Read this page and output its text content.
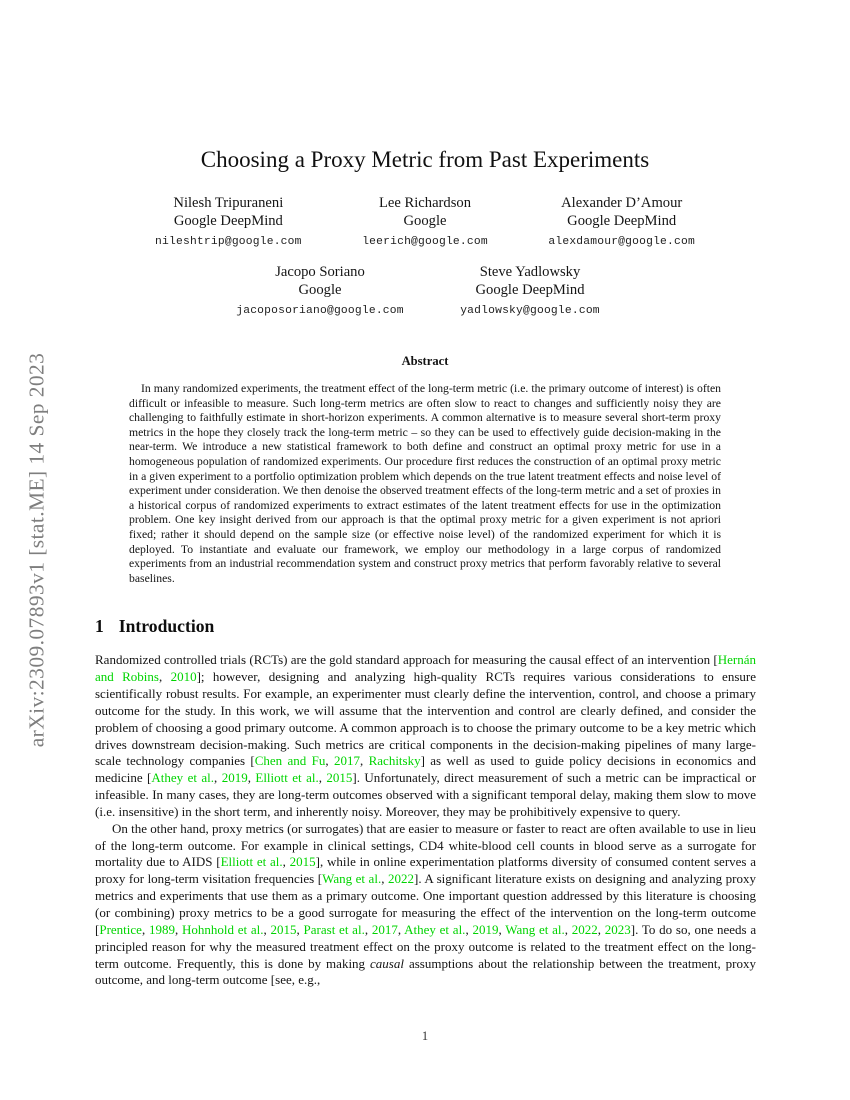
arXiv:2309.07893v1 [stat.ME] 14 Sep 2023
Choosing a Proxy Metric from Past Experiments
Nilesh Tripuraneni
Google DeepMind
nileshtrip@google.com
Lee Richardson
Google
leerich@google.com
Alexander D’Amour
Google DeepMind
alexdamour@google.com
Jacopo Soriano
Google
jacoposoriano@google.com
Steve Yadlowsky
Google DeepMind
yadlowsky@google.com
Abstract

In many randomized experiments, the treatment effect of the long-term metric (i.e. the primary outcome of interest) is often difficult or infeasible to measure. Such long-term metrics are often slow to react to changes and sufficiently noisy they are challenging to faithfully estimate in short-horizon experiments. A common alternative is to measure several short-term proxy metrics in the hope they closely track the long-term metric – so they can be used to effectively guide decision-making in the near-term. We introduce a new statistical framework to both define and construct an optimal proxy metric for use in a homogeneous population of randomized experiments. Our procedure first reduces the construction of an optimal proxy metric in a given experiment to a portfolio optimization problem which depends on the true latent treatment effects and noise level of experiment under consideration. We then denoise the observed treatment effects of the long-term metric and a set of proxies in a historical corpus of randomized experiments to extract estimates of the latent treatment effects for use in the optimization problem. One key insight derived from our approach is that the optimal proxy metric for a given experiment is not apriori fixed; rather it should depend on the sample size (or effective noise level) of the randomized experiment for which it is deployed. To instantiate and evaluate our framework, we employ our methodology in a large corpus of randomized experiments from an industrial recommendation system and construct proxy metrics that perform favorably relative to several baselines.

1 Introduction

Randomized controlled trials (RCTs) are the gold standard approach for measuring the causal effect of an intervention [Hernán and Robins, 2010]; however, designing and analyzing high-quality RCTs requires various considerations to ensure scientifically robust results. For example, an experimenter must clearly define the intervention, control, and choose a primary outcome for the study. In this work, we will assume that the intervention and control are clearly defined, and consider the problem of choosing a good primary outcome. A common approach is to choose the primary outcome to be a key metric which drives downstream decision-making. Such metrics are critical components in the decision-making pipelines of many large-scale technology companies [Chen and Fu, 2017, Rachitsky] as well as used to guide policy decisions in economics and medicine [Athey et al., 2019, Elliott et al., 2015]. Unfortunately, direct measurement of such a metric can be impractical or infeasible. In many cases, they are long-term outcomes observed with a significant temporal delay, making them slow to move (i.e. insensitive) in the short term, and inherently noisy. Moreover, they may be prohibitively expensive to query.

On the other hand, proxy metrics (or surrogates) that are easier to measure or faster to react are often available to use in lieu of the long-term outcome. For example in clinical settings, CD4 white-blood cell counts in blood serve as a surrogate for mortality due to AIDS [Elliott et al., 2015], while in online experimentation platforms diversity of consumed content serves a proxy for long-term visitation frequencies [Wang et al., 2022]. A significant literature exists on designing and analyzing proxy metrics and experiments that use them as a primary outcome. One important question addressed by this literature is choosing (or combining) proxy metrics to be a good surrogate for measuring the effect of the intervention on the long-term outcome [Prentice, 1989, Hohnhold et al., 2015, Parast et al., 2017, Athey et al., 2019, Wang et al., 2022, 2023]. To do so, one needs a principled reason for why the measured treatment effect on the proxy outcome is related to the treatment effect on the long-term outcome. Frequently, this is done by making causal assumptions about the relationship between the treatment, proxy outcome, and long-term outcome [see, e.g.,

1
